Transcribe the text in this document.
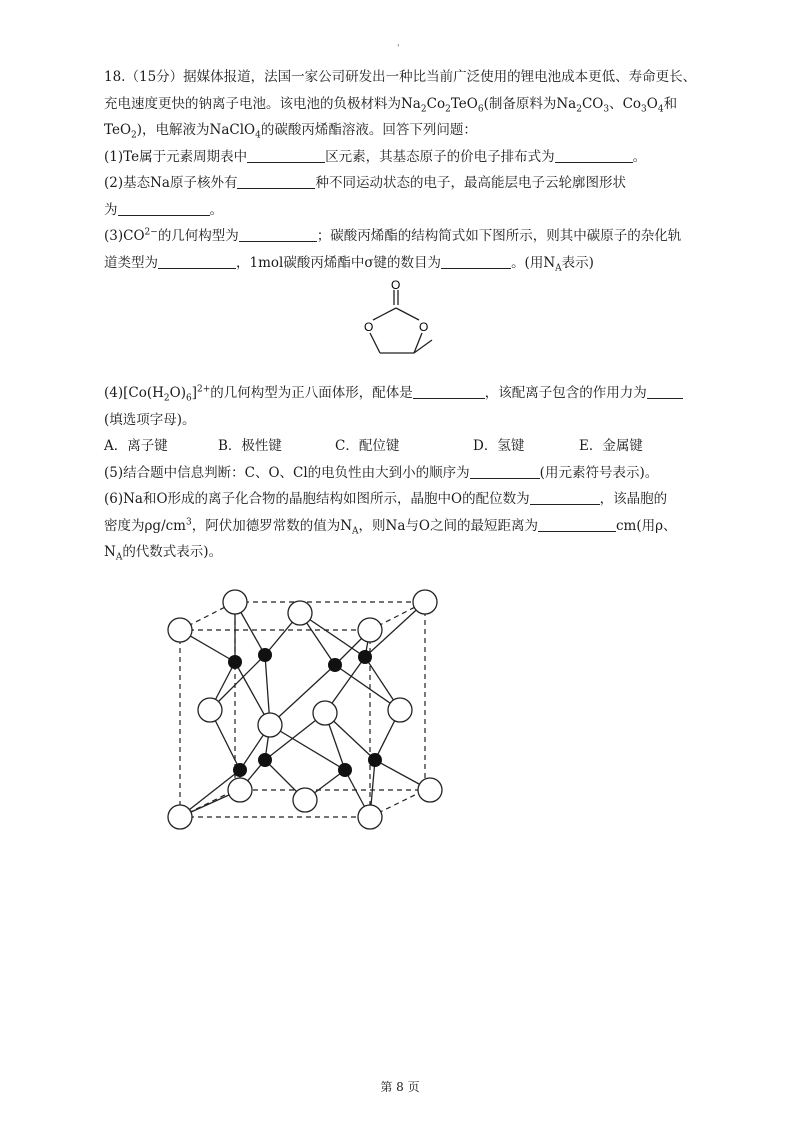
'
18.（15分）据媒体报道，法国一家公司研发出一种比当前广泛使用的锂电池成本更低、寿命更长、
充电速度更快的钠离子电池。该电池的负极材料为$Na_2Co_2TeO_6$(制备原料为$Na_2CO_3$、$Co_3O_4$和
TeO$_2$)，电解液为NaClO$_4$的碳酸丙烯酯溶液。回答下列问题：
(1)Te属于元素周期表中	区元素，其基态原子的价电子排布式为	。
(2)基态Na原子核外有	种不同运动状态的电子，最高能层电子云轮廓图形状
为	。
$(3)CO^{2-}$的几何构型为	；碳酸丙烯酯的结构简式如下图所示，则其中碳原子的杂化轨
道类型为	，1mol碳酸丙烯酯中σ键的数目为	。(用$N_A$表示)
O
O	O
$(4)[Co(H_2O)_6]^{2+}$的几何构型为正八面体形，配体是	，该配离子包含的作用力为
(填选项字母)。
A．离子键	B．极性键	C．配位键	D．氢键	E．金属键
(5)结合题中信息判断：C、O、Cl的电负性由大到小的顺序为	(用元素符号表示)。
(6)Na和O形成的离子化合物的晶胞结构如图所示，晶胞中O的配位数为	，该晶胞的
密度为$\rho g/cm^3$，阿伏加德罗常数的值为$N_A$，则Na与O之间的最短距离为	cm(用ρ、
$N_A$的代数式表示)。
第 8 页
